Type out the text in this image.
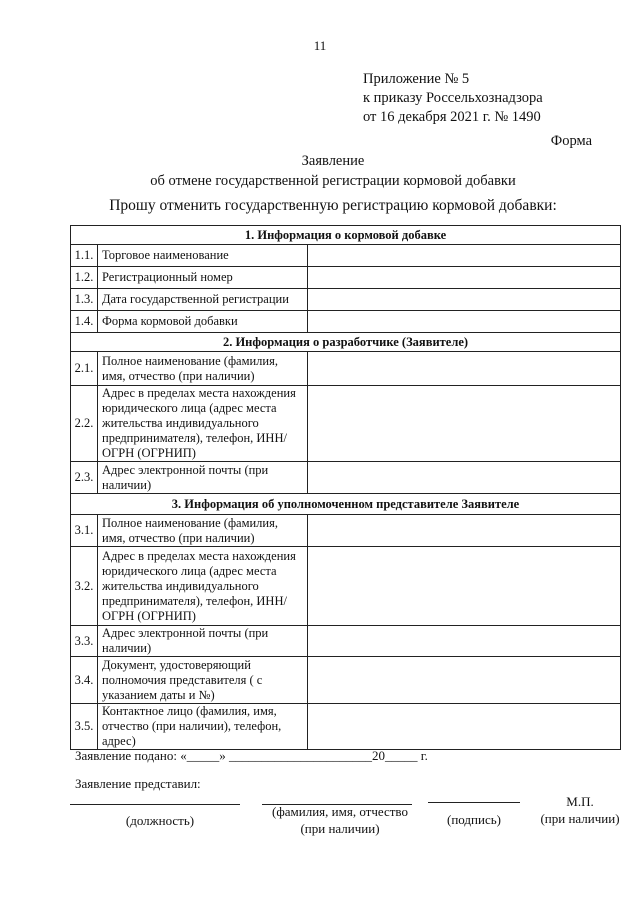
11
Приложение № 5
к приказу Россельхознадзора
от 16 декабря 2021 г. № 1490
Форма
Заявление
об отмене государственной регистрации кормовой добавки
Прошу отменить государственную регистрацию кормовой добавки:
1. Информация о кормовой добавке		
1.1.	Торговое наименование	
1.2.	Регистрационный номер	
1.3.	Дата государственной регистрации	
1.4.	Форма кормовой добавки	
2. Информация о разработчике (Заявителе)		
2.1.	Полное наименование (фамилия, имя, отчество (при наличии)	
2.2.	Адрес в пределах места нахождения юридического лица (адрес места жительства индивидуального предпринимателя), телефон, ИНН/ОГРН (ОГРНИП)	
2.3.	Адрес электронной почты (при наличии)	
3. Информация об уполномоченном представителе Заявителе		
3.1.	Полное наименование (фамилия, имя, отчество (при наличии)	
3.2.	Адрес в пределах места нахождения юридического лица (адрес места жительства индивидуального предпринимателя), телефон, ИНН/ОГРН (ОГРНИП)	
3.3.	Адрес электронной почты (при наличии)	
3.4.	Документ, удостоверяющий полномочия представителя ( с указанием даты и №)	
3.5.	Контактное лицо (фамилия, имя, отчество (при наличии), телефон, адрес)	
Заявление подано: «_____» ______________________20_____ г.
Заявление представил:
(должность)
(фамилия, имя, отчество
(при наличии)
(подпись)
М.П.
(при наличии)
